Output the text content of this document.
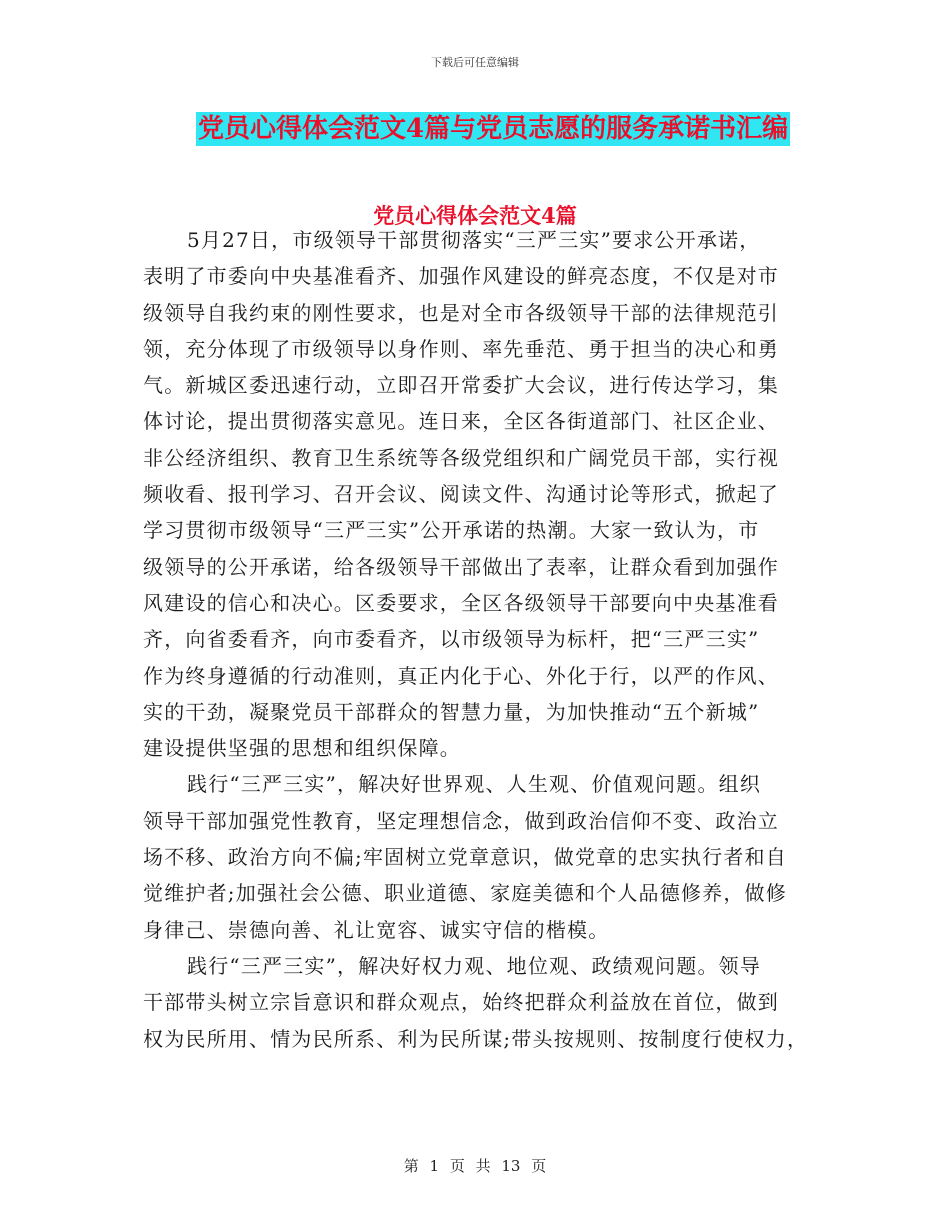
下载后可任意编辑
党员心得体会范文4篇与党员志愿的服务承诺书汇编
党员心得体会范文4篇
5月27日，市级领导干部贯彻落实“三严三实”要求公开承诺，
表明了市委向中央基准看齐、加强作风建设的鲜亮态度，不仅是对市
级领导自我约束的刚性要求，也是对全市各级领导干部的法律规范引
领，充分体现了市级领导以身作则、率先垂范、勇于担当的决心和勇
气。新城区委迅速行动，立即召开常委扩大会议，进行传达学习，集
体讨论，提出贯彻落实意见。连日来，全区各街道部门、社区企业、
非公经济组织、教育卫生系统等各级党组织和广阔党员干部，实行视
频收看、报刊学习、召开会议、阅读文件、沟通讨论等形式，掀起了
学习贯彻市级领导“三严三实”公开承诺的热潮。大家一致认为，市
级领导的公开承诺，给各级领导干部做出了表率，让群众看到加强作
风建设的信心和决心。区委要求，全区各级领导干部要向中央基准看
齐，向省委看齐，向市委看齐，以市级领导为标杆，把“三严三实”
作为终身遵循的行动准则，真正内化于心、外化于行，以严的作风、
实的干劲，凝聚党员干部群众的智慧力量，为加快推动“五个新城”
建设提供坚强的思想和组织保障。
践行“三严三实”，解决好世界观、人生观、价值观问题。组织
领导干部加强党性教育，坚定理想信念，做到政治信仰不变、政治立
场不移、政治方向不偏;牢固树立党章意识，做党章的忠实执行者和自
觉维护者;加强社会公德、职业道德、家庭美德和个人品德修养，做修
身律己、崇德向善、礼让宽容、诚实守信的楷模。
践行“三严三实”，解决好权力观、地位观、政绩观问题。领导
干部带头树立宗旨意识和群众观点，始终把群众利益放在首位，做到
权为民所用、情为民所系、利为民所谋;带头按规则、按制度行使权力，
第 1 页 共 13 页
